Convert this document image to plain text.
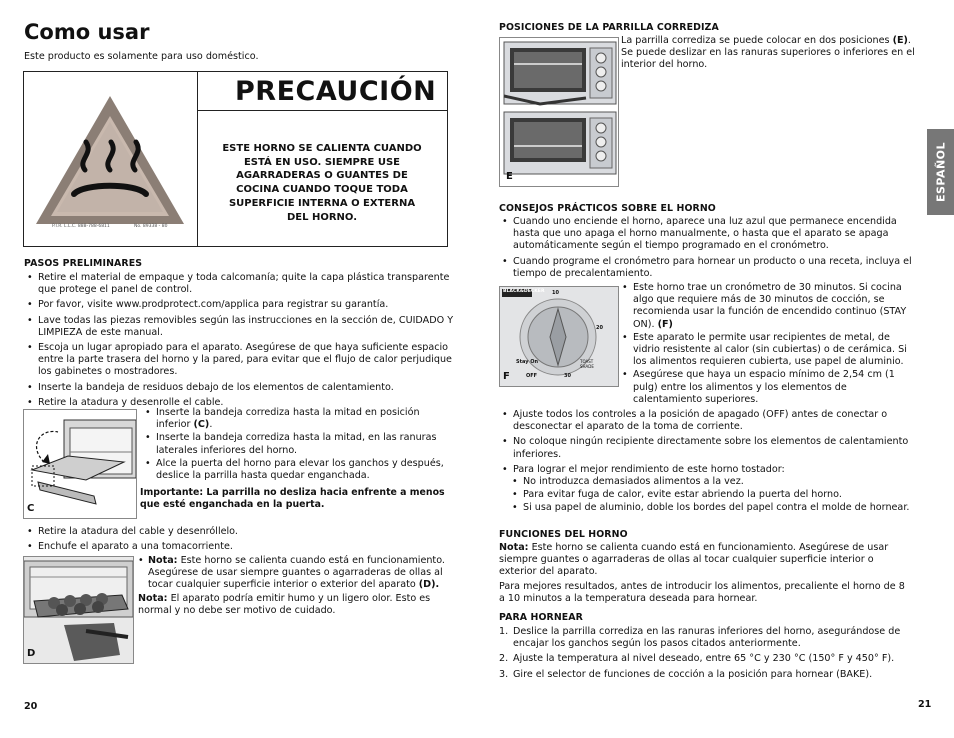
Como usar
Este producto es solamente para uso doméstico.
P.I.R. L.L.C. 888-788-6811	No. 89338 - 80
PRECAUCIÓN
ESTE HORNO SE CALIENTA CUANDO ESTÁ EN USO. SIEMPRE USE AGARRADERAS O GUANTES DE COCINA CUANDO TOQUE TODA SUPERFICIE INTERNA O EXTERNA DEL HORNO.
PASOS PRELIMINARES
• Retire el material de empaque y toda calcomanía; quite la capa plástica transparente que protege el panel de control.
• Por favor, visite www.prodprotect.com/applica para registrar su garantía.
• Lave todas las piezas removibles según las instrucciones en la sección de, CUIDADO Y LIMPIEZA de este manual.
• Escoja un lugar apropiado para el aparato. Asegúrese de que haya suficiente espacio entre la parte trasera del horno y la pared, para evitar que el flujo de calor perjudique los gabinetes o mostradores.
• Inserte la bandeja de residuos debajo de los elementos de calentamiento.
• Retire la atadura y desenrolle el cable.
C
• Inserte la bandeja corrediza hasta la mitad en posición inferior (C).
• Inserte la bandeja corrediza hasta la mitad, en las ranuras laterales inferiores del horno.
• Alce la puerta del horno para elevar los ganchos y después, deslice la parrilla hasta quedar enganchada.
Importante: La parrilla no desliza hacia enfrente a menos que esté enganchada en la puerta.
• Retire la atadura del cable y desenróllelo.
• Enchufe el aparato a una tomacorriente.
D
• Nota: Este horno se calienta cuando está en funcionamiento. Asegúrese de usar siempre guantes o agarraderas de ollas al tocar cualquier superficie interior o exterior del aparato (D).
Nota: El aparato podría emitir humo y un ligero olor. Esto es normal y no debe ser motivo de cuidado.
20
POSICIONES DE LA PARRILLA CORREDIZA
E
La parrilla corrediza se puede colocar en dos posiciones (E). Se puede deslizar en las ranuras superiores o inferiores en el interior del horno.
CONSEJOS PRÁCTICOS SOBRE EL HORNO
• Cuando uno enciende el horno, aparece una luz azul que permanece encendida hasta que uno apaga el horno manualmente, o hasta que el aparato se apaga automáticamente según el tiempo programado en el cronómetro.
• Cuando programe el cronómetro para hornear un producto o una receta, incluya el tiempo de precalentamiento.
BLACK&DECKER 10
20
30
Stay On	TOAST SHADE
OFF
F
• Este horno trae un cronómetro de 30 minutos. Si cocina algo que requiere más de 30 minutos de cocción, se recomienda usar la función de encendido continuo (STAY ON). (F)
• Este aparato le permite usar recipientes de metal, de vidrio resistente al calor (sin cubiertas) o de cerámica. Si los alimentos requieren cubierta, use papel de aluminio.
• Asegúrese que haya un espacio mínimo de 2,54 cm (1 pulg) entre los alimentos y los elementos de calentamiento superiores.
• Ajuste todos los controles a la posición de apagado (OFF) antes de conectar o desconectar el aparato de la toma de corriente.
• No coloque ningún recipiente directamente sobre los elementos de calentamiento inferiores.
• Para lograr el mejor rendimiento de este horno tostador:
• No introduzca demasiados alimentos a la vez.
• Para evitar fuga de calor, evite estar abriendo la puerta del horno.
• Si usa papel de aluminio, doble los bordes del papel contra el molde de hornear.
FUNCIONES DEL HORNO
Nota: Este horno se calienta cuando está en funcionamiento. Asegúrese de usar siempre guantes o agarraderas de ollas al tocar cualquier superficie interior o exterior del aparato.
Para mejores resultados, antes de introducir los alimentos, precaliente el horno de 8 a 10 minutos a la temperatura deseada para hornear.
PARA HORNEAR
1. Deslice la parrilla corrediza en las ranuras inferiores del horno, asegurándose de encajar los ganchos según los pasos citados anteriormente.
2. Ajuste la temperatura al nivel deseado, entre 65 °C y 230 °C (150° F y 450° F).
3. Gire el selector de funciones de cocción a la posición para hornear (BAKE).
ESPAÑOL
21
